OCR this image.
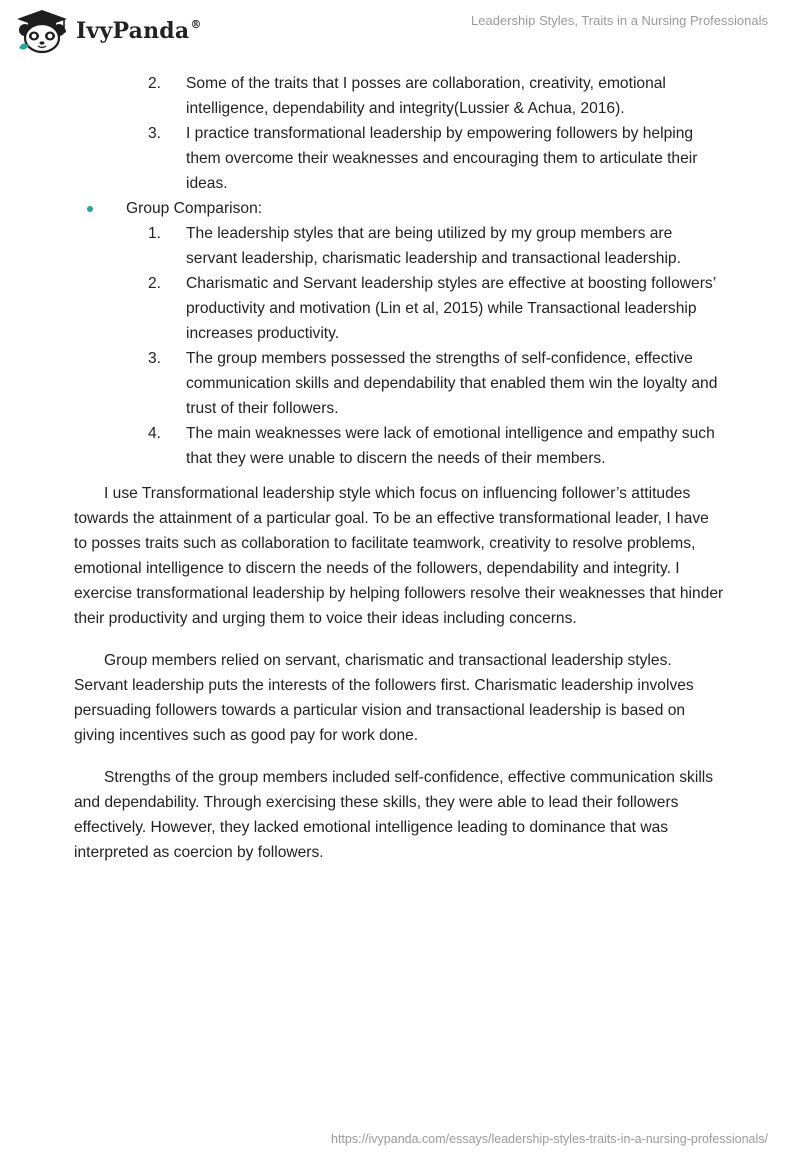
IvyPanda®	Leadership Styles, Traits in a Nursing Professionals
2. Some of the traits that I posses are collaboration, creativity, emotional intelligence, dependability and integrity(Lussier & Achua, 2016).
3. I practice transformational leadership by empowering followers by helping them overcome their weaknesses and encouraging them to articulate their ideas.
Group Comparison:
1. The leadership styles that are being utilized by my group members are servant leadership, charismatic leadership and transactional leadership.
2. Charismatic and Servant leadership styles are effective at boosting followers’ productivity and motivation (Lin et al, 2015) while Transactional leadership increases productivity.
3. The group members possessed the strengths of self-confidence, effective communication skills and dependability that enabled them win the loyalty and trust of their followers.
4. The main weaknesses were lack of emotional intelligence and empathy such that they were unable to discern the needs of their members.

I use Transformational leadership style which focus on influencing follower’s attitudes towards the attainment of a particular goal. To be an effective transformational leader, I have to posses traits such as collaboration to facilitate teamwork, creativity to resolve problems, emotional intelligence to discern the needs of the followers, dependability and integrity. I exercise transformational leadership by helping followers resolve their weaknesses that hinder their productivity and urging them to voice their ideas including concerns.

Group members relied on servant, charismatic and transactional leadership styles. Servant leadership puts the interests of the followers first. Charismatic leadership involves persuading followers towards a particular vision and transactional leadership is based on giving incentives such as good pay for work done.

Strengths of the group members included self-confidence, effective communication skills and dependability. Through exercising these skills, they were able to lead their followers effectively. However, they lacked emotional intelligence leading to dominance that was interpreted as coercion by followers.

https://ivypanda.com/essays/leadership-styles-traits-in-a-nursing-professionals/
